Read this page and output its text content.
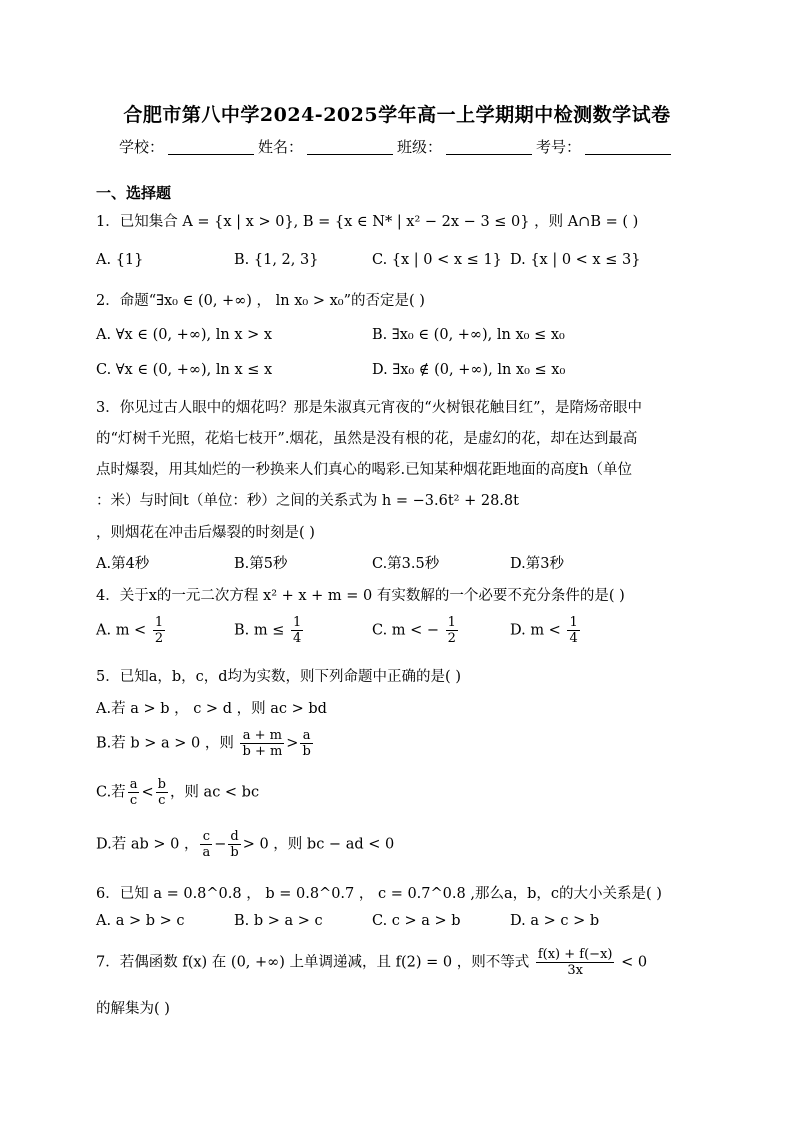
合肥市第八中学2024-2025学年高一上学期期中检测数学试卷
学校：	姓名：	班级：	考号：
一、选择题
1．已知集合 A = {x | x > 0}, B = {x ∈ N* | x² − 2x − 3 ≤ 0} ，则 A∩B = ( )
A. {1}	B. {1, 2, 3}	C. {x | 0 < x ≤ 1} D. {x | 0 < x ≤ 3}
2．命题“∃x₀ ∈ (0, +∞) ， ln x₀ > x₀”的否定是( )
A. ∀x ∈ (0, +∞), ln x > x	B. ∃x₀ ∈ (0, +∞), ln x₀ ≤ x₀
C. ∀x ∈ (0, +∞), ln x ≤ x	D. ∃x₀ ∉ (0, +∞), ln x₀ ≤ x₀
3．你见过古人眼中的烟花吗？那是朱淑真元宵夜的“火树银花触目红”，是隋炀帝眼中
的“灯树千光照，花焰七枝开”.烟花，虽然是没有根的花，是虚幻的花，却在达到最高
点时爆裂，用其灿烂的一秒换来人们真心的喝彩.已知某种烟花距地面的高度h（单位
：米）与时间t（单位：秒）之间的关系式为 h = −3.6t² + 28.8t
，则烟花在冲击后爆裂的时刻是( )
A.第4秒	B.第5秒	C.第3.5秒	D.第3秒
4．关于x的一元二次方程 x² + x + m = 0 有实数解的一个必要不充分条件的是( )
A. $m < \frac{1}{2}$	B. $m \le \frac{1}{4}$	C. m < − $\frac{1}{2}$	D. $m < \frac{1}{4}$
5．已知a，b，c，d均为实数，则下列命题中正确的是( )
A.若 a > b ， c > d ，则 ac > bd
B.若 b > a > 0 ，则 $\frac{a + m}{b + m} > \frac{a}{b}$
C.若 $\frac{a}{c} < \frac{b}{c}$ ，则 ac < bc
D.若 ab > 0 ， $\frac{c}{a} - \frac{d}{b} > 0$ ，则 bc − ad < 0
6．已知 a = 0.8^0.8 ， b = 0.8^0.7 ， c = 0.7^0.8 ,那么a，b，c的大小关系是( )
A. a > b > c	B. b > a > c	C. c > a > b	D. a > c > b
7．若偶函数 f(x) 在 (0, +∞) 上单调递减，且 f(2) = 0 ，则不等式 $\frac{f(x) + f(-x)}{3x} < 0$
的解集为( )
